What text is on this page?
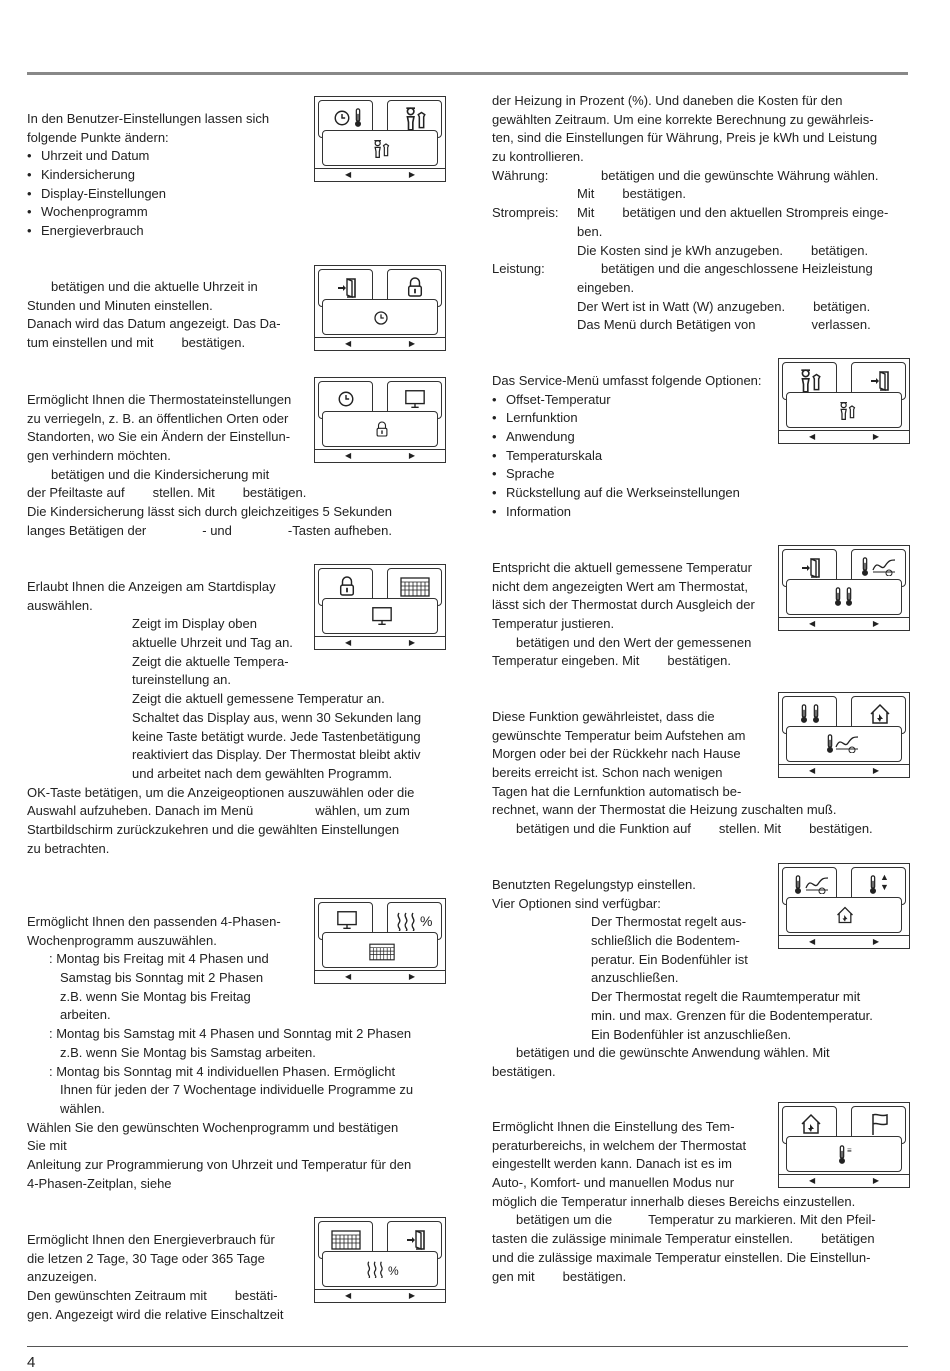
4
In den Benutzer-Einstellungen lassen sich
folgende Punkte ändern:
• Uhrzeit und Datum
• Kindersicherung
• Display-Einstellungen
• Wochenprogramm
• Energieverbrauch
betätigen und die aktuelle Uhrzeit in
Stunden und Minuten einstellen.
Danach wird das Datum angezeigt. Das Da-
tum einstellen und mit bestätigen.
Ermöglicht Ihnen die Thermostateinstellungen
zu verriegeln, z. B. an öffentlichen Orten oder
Standorten, wo Sie ein Ändern der Einstellun-
gen verhindern möchten.
betätigen und die Kindersicherung mit
der Pfeiltaste auf stellen. Mit bestätigen.
Die Kindersicherung lässt sich durch gleichzeitiges 5 Sekunden
langes Betätigen der	- und	-Tasten aufheben.
Erlaubt Ihnen die Anzeigen am Startdisplay
auswählen.
Zeigt im Display oben
aktuelle Uhrzeit und Tag an.
Zeigt die aktuelle Tempera-
tureinstellung an.
Zeigt die aktuell gemessene Temperatur an.
Schaltet das Display aus, wenn 30 Sekunden lang
keine Taste betätigt wurde. Jede Tastenbetätigung
reaktiviert das Display. Der Thermostat bleibt aktiv
und arbeitet nach dem gewählten Programm.
OK-Taste betätigen, um die Anzeigeoptionen auszuwählen oder die
Auswahl aufzuheben. Danach im Menü	wählen, um zum
Startbildschirm zurückzukehren und die gewählten Einstellungen
zu betrachten.
Ermöglicht Ihnen den passenden 4-Phasen-
Wochenprogramm auszuwählen.
: Montag bis Freitag mit 4 Phasen und
Samstag bis Sonntag mit 2 Phasen
z.B. wenn Sie Montag bis Freitag
arbeiten.
: Montag bis Samstag mit 4 Phasen und Sonntag mit 2 Phasen
z.B. wenn Sie Montag bis Samstag arbeiten.
: Montag bis Sonntag mit 4 individuellen Phasen. Ermöglicht
Ihnen für jeden der 7 Wochentage individuelle Programme zu
wählen.
Wählen Sie den gewünschten Wochenprogramm und bestätigen
Sie mit
Anleitung zur Programmierung von Uhrzeit und Temperatur für den
4-Phasen-Zeitplan, siehe
Ermöglicht Ihnen den Energieverbrauch für
die letzen 2 Tage, 30 Tage oder 365 Tage
anzuzeigen.
Den gewünschten Zeitraum mit bestäti-
gen. Angezeigt wird die relative Einschaltzeit
der Heizung in Prozent (%). Und daneben die Kosten für den
gewählten Zeitraum. Um eine korrekte Berechnung zu gewährleis-
ten, sind die Einstellungen für Währung, Preis je kWh und Leistung
zu kontrollieren.
Währung:	betätigen und die gewünschte Währung wählen.
Mit bestätigen.
Strompreis: Mit betätigen und den aktuellen Strompreis einge-
ben.
Die Kosten sind je kWh anzugeben. betätigen.
Leistung:	betätigen und die angeschlossene Heizleistung
eingeben.
Der Wert ist in Watt (W) anzugeben. betätigen.
Das Menü durch Betätigen von	verlassen.
Das Service-Menü umfasst folgende Optionen:
• Offset-Temperatur
• Lernfunktion
• Anwendung
• Temperaturskala
• Sprache
• Rückstellung auf die Werkseinstellungen
• Information
Entspricht die aktuell gemessene Temperatur
nicht dem angezeigten Wert am Thermostat,
lässt sich der Thermostat durch Ausgleich der
Temperatur justieren.
betätigen und den Wert der gemessenen
Temperatur eingeben. Mit bestätigen.
Diese Funktion gewährleistet, dass die
gewünschte Temperatur beim Aufstehen am
Morgen oder bei der Rückkehr nach Hause
bereits erreicht ist. Schon nach wenigen
Tagen hat die Lernfunktion automatisch be-
rechnet, wann der Thermostat die Heizung zuschalten muß.
betätigen und die Funktion auf stellen. Mit bestätigen.
Benutzten Regelungstyp einstellen.
Vier Optionen sind verfügbar:
Der Thermostat regelt aus-
schließlich die Bodentem-
peratur. Ein Bodenfühler ist
anzuschließen.
Der Thermostat regelt die Raumtemperatur mit
min. und max. Grenzen für die Bodentemperatur.
Ein Bodenfühler ist anzuschließen.
betätigen und die gewünschte Anwendung wählen. Mit
bestätigen.
Ermöglicht Ihnen die Einstellung des Tem-
peraturbereichs, in welchem der Thermostat
eingestellt werden kann. Danach ist es im
Auto-, Komfort- und manuellen Modus nur
möglich die Temperatur innerhalb dieses Bereichs einzustellen.
betätigen um die	Temperatur zu markieren. Mit den Pfeil-
tasten die zulässige minimale Temperatur einstellen. betätigen
und die zulässige maximale Temperatur einstellen. Die Einstellun-
gen mit bestätigen.
◀	▶
◀	▶
◀	▶
◀	▶
%
◀	▶
%
◀	▶
◀	▶
◀	▶
◀	▶
▲
▼
◀	▶
≡
◀	▶
